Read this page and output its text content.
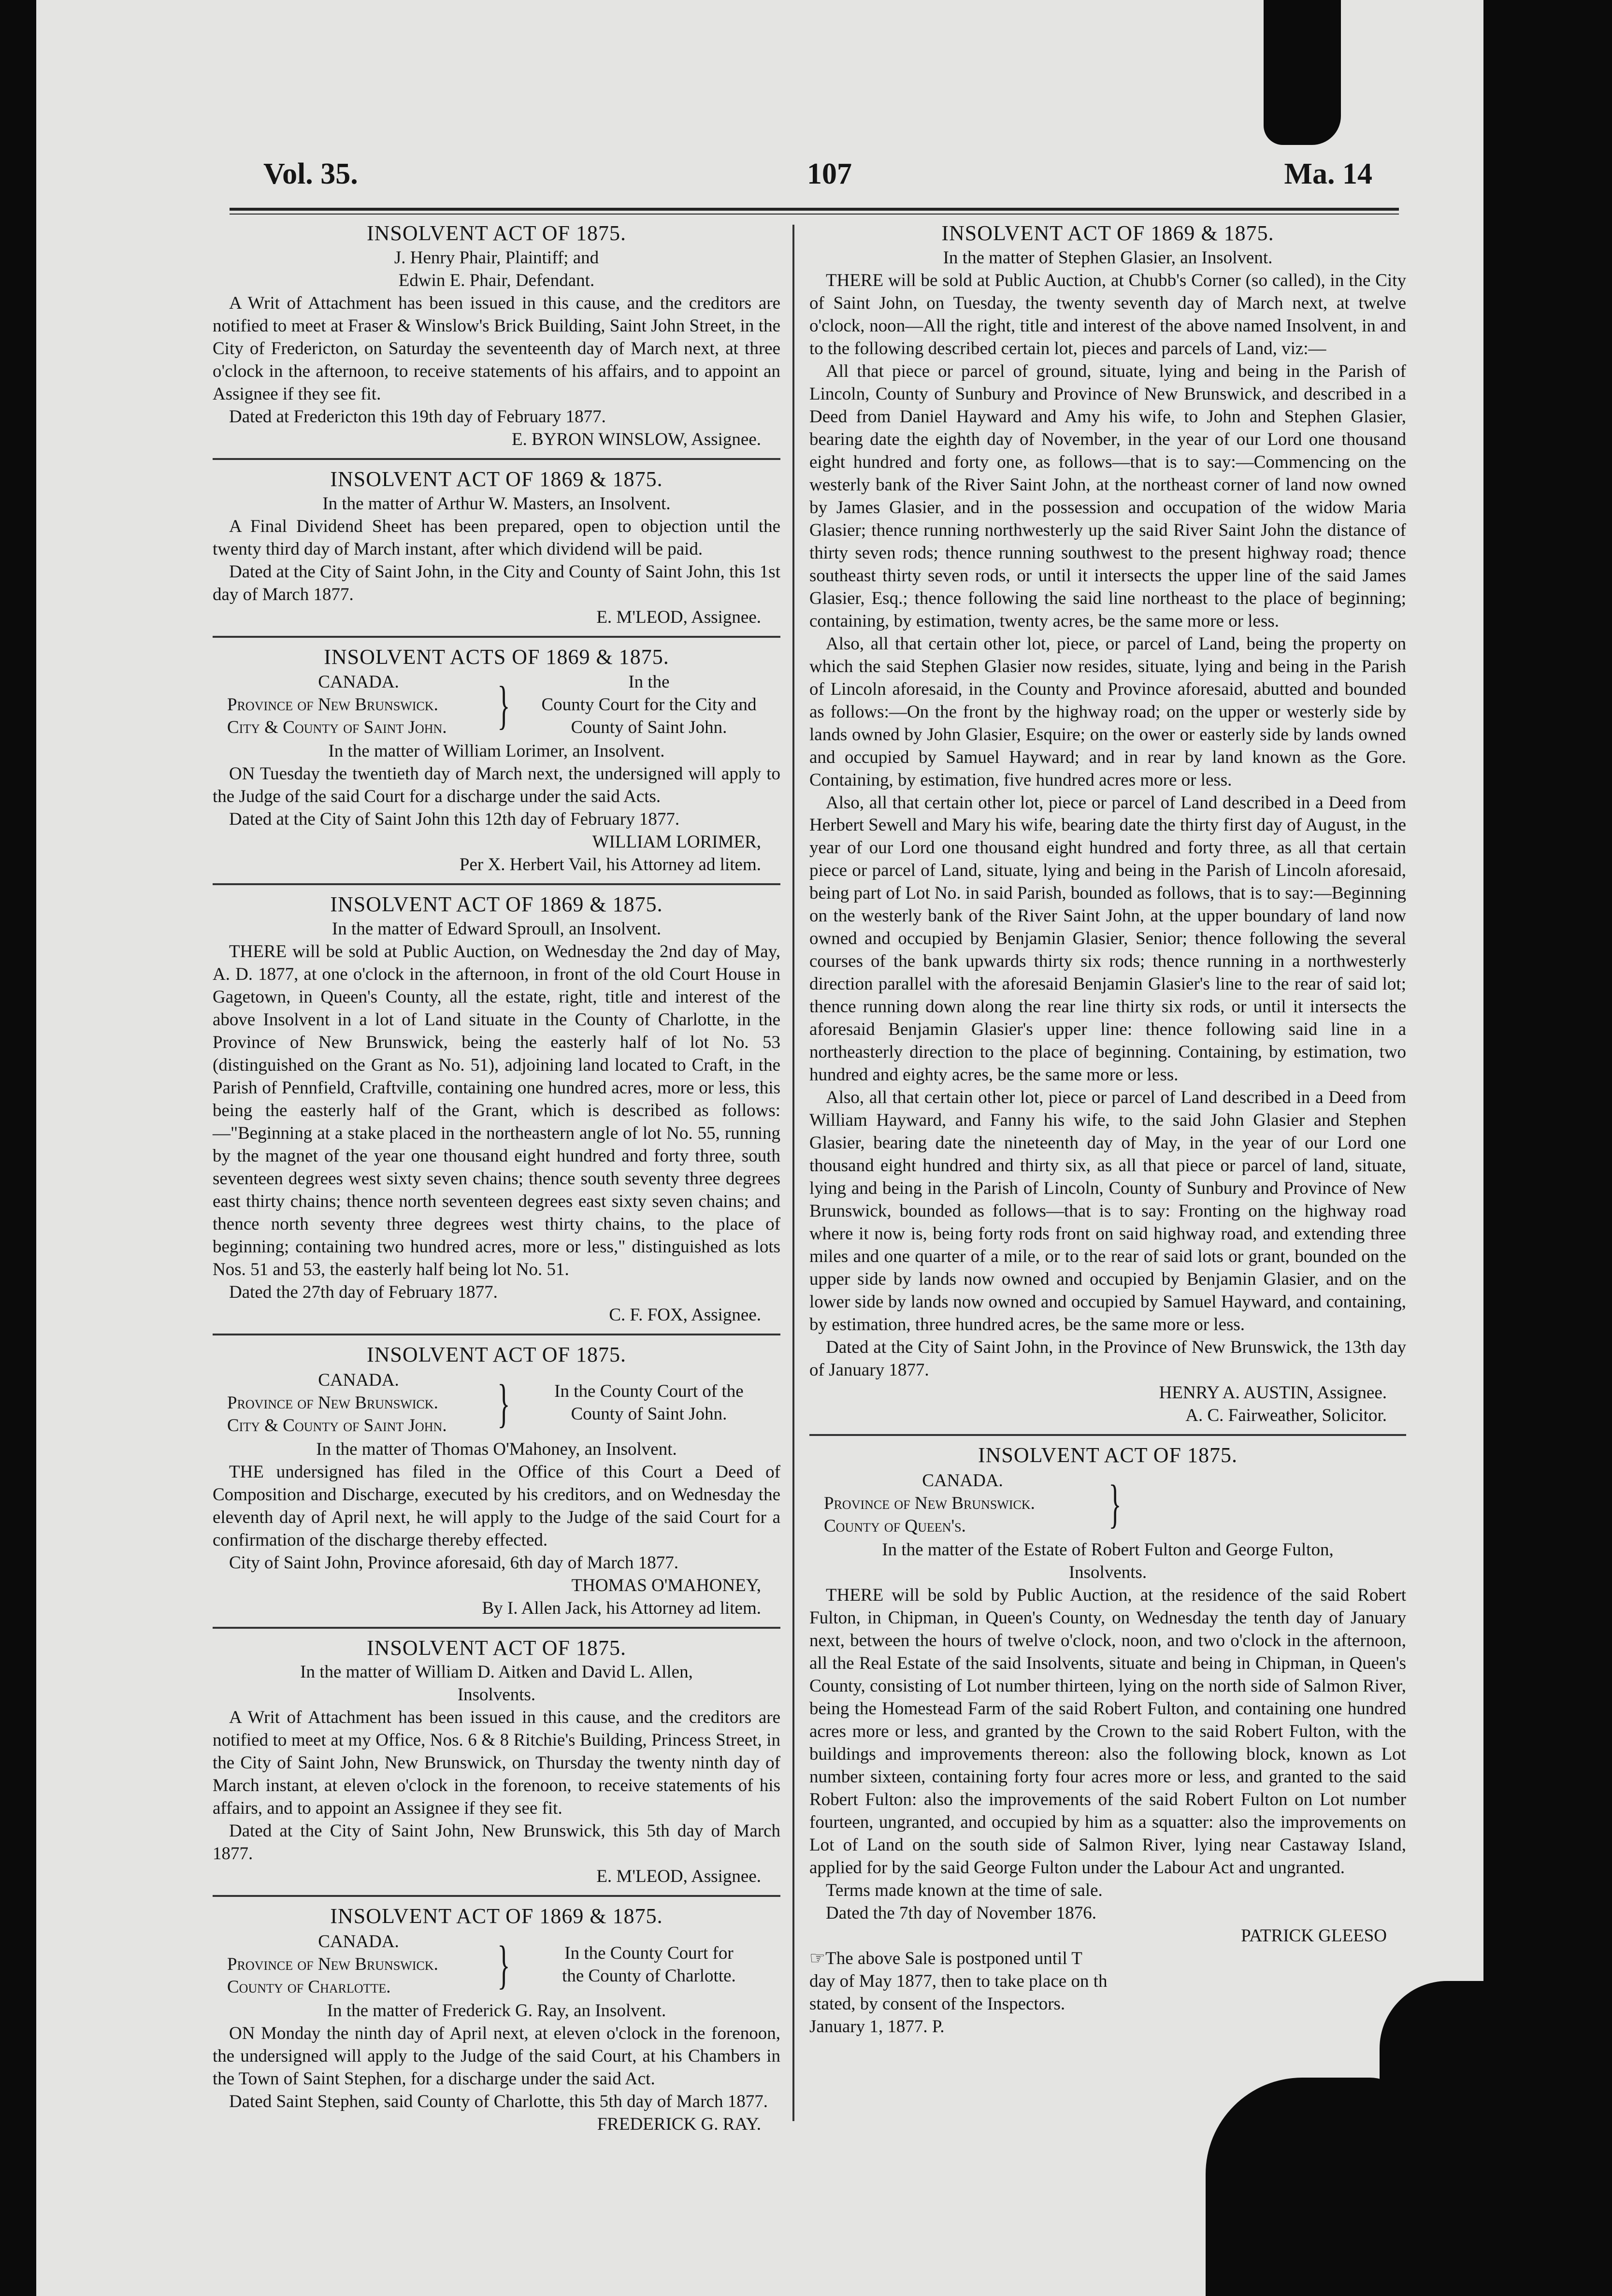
Vol. 35.	107	Ma. 14
INSOLVENT ACT OF 1875.
J. Henry Phair, Plaintiff; and
Edwin E. Phair, Defendant.

A Writ of Attachment has been issued in this cause, and the creditors are notified to meet at Fraser & Winslow's Brick Building, Saint John Street, in the City of Fredericton, on Saturday the seventeenth day of March next, at three o'clock in the afternoon, to receive statements of his affairs, and to appoint an Assignee if they see fit.

Dated at Fredericton this 19th day of February 1877.

E. BYRON WINSLOW, Assignee.
INSOLVENT ACT OF 1869 & 1875.
In the matter of Arthur W. Masters, an Insolvent.

A Final Dividend Sheet has been prepared, open to objection until the twenty third day of March instant, after which dividend will be paid.

Dated at the City of Saint John, in the City and County of Saint John, this 1st day of March 1877.

E. M'LEOD, Assignee.
INSOLVENT ACTS OF 1869 & 1875.
CANADA.
Province of New Brunswick.
City & County of Saint John. }	In the
County Court for the City and
County of Saint John.
In the matter of William Lorimer, an Insolvent.

ON Tuesday the twentieth day of March next, the undersigned will apply to the Judge of the said Court for a discharge under the said Acts.

Dated at the City of Saint John this 12th day of February 1877.

WILLIAM LORIMER,
Per X. Herbert Vail, his Attorney ad litem.
INSOLVENT ACT OF 1869 & 1875.
In the matter of Edward Sproull, an Insolvent.

THERE will be sold at Public Auction, on Wednesday the 2nd day of May, A. D. 1877, at one o'clock in the afternoon, in front of the old Court House in Gagetown, in Queen's County, all the estate, right, title and interest of the above Insolvent in a lot of Land situate in the County of Charlotte, in the Province of New Brunswick, being the easterly half of lot No. 53 (distinguished on the Grant as No. 51), adjoining land located to Craft, in the Parish of Pennfield, Craftville, containing one hundred acres, more or less, this being the easterly half of the Grant, which is described as follows:—"Beginning at a stake placed in the northeastern angle of lot No. 55, running by the magnet of the year one thousand eight hundred and forty three, south seventeen degrees west sixty seven chains; thence south seventy three degrees east thirty chains; thence north seventeen degrees east sixty seven chains; and thence north seventy three degrees west thirty chains, to the place of beginning; containing two hundred acres, more or less," distinguished as lots Nos. 51 and 53, the easterly half being lot No. 51.

Dated the 27th day of February 1877.

C. F. FOX, Assignee.
INSOLVENT ACT OF 1875.
CANADA.
Province of New Brunswick.
City & County of Saint John. }	In the County Court of the
County of Saint John.
In the matter of Thomas O'Mahoney, an Insolvent.

THE undersigned has filed in the Office of this Court a Deed of Composition and Discharge, executed by his creditors, and on Wednesday the eleventh day of April next, he will apply to the Judge of the said Court for a confirmation of the discharge thereby effected.

City of Saint John, Province aforesaid, 6th day of March 1877.

THOMAS O'MAHONEY,
By I. Allen Jack, his Attorney ad litem.
INSOLVENT ACT OF 1875.
In the matter of William D. Aitken and David L. Allen,
Insolvents.

A Writ of Attachment has been issued in this cause, and the creditors are notified to meet at my Office, Nos. 6 & 8 Ritchie's Building, Princess Street, in the City of Saint John, New Brunswick, on Thursday the twenty ninth day of March instant, at eleven o'clock in the forenoon, to receive statements of his affairs, and to appoint an Assignee if they see fit.

Dated at the City of Saint John, New Brunswick, this 5th day of March 1877.

E. M'LEOD, Assignee.
INSOLVENT ACT OF 1869 & 1875.
CANADA.
Province of New Brunswick.
County of Charlotte.	}	In the County Court for
the County of Charlotte.
In the matter of Frederick G. Ray, an Insolvent.

ON Monday the ninth day of April next, at eleven o'clock in the forenoon, the undersigned will apply to the Judge of the said Court, at his Chambers in the Town of Saint Stephen, for a discharge under the said Act.

Dated Saint Stephen, said County of Charlotte, this 5th day of March 1877.

FREDERICK G. RAY.
INSOLVENT ACT OF 1869 & 1875.
In the matter of Stephen Glasier, an Insolvent.

THERE will be sold at Public Auction, at Chubb's Corner (so called), in the City of Saint John, on Tuesday, the twenty seventh day of March next, at twelve o'clock, noon—All the right, title and interest of the above named Insolvent, in and to the following described certain lot, pieces and parcels of Land, viz:—

All that piece or parcel of ground, situate, lying and being in the Parish of Lincoln, County of Sunbury and Province of New Brunswick, and described in a Deed from Daniel Hayward and Amy his wife, to John and Stephen Glasier, bearing date the eighth day of November, in the year of our Lord one thousand eight hundred and forty one, as follows—that is to say:—Commencing on the westerly bank of the River Saint John, at the northeast corner of land now owned by James Glasier, and in the possession and occupation of the widow Maria Glasier; thence running northwesterly up the said River Saint John the distance of thirty seven rods; thence running southwest to the present highway road; thence southeast thirty seven rods, or until it intersects the upper line of the said James Glasier, Esq.; thence following the said line northeast to the place of beginning; containing, by estimation, twenty acres, be the same more or less.

Also, all that certain other lot, piece, or parcel of Land, being the property on which the said Stephen Glasier now resides, situate, lying and being in the Parish of Lincoln aforesaid, in the County and Province aforesaid, abutted and bounded as follows:—On the front by the highway road; on the upper or westerly side by lands owned by John Glasier, Esquire; on the ower or easterly side by lands owned and occupied by Samuel Hayward; and in rear by land known as the Gore. Containing, by estimation, five hundred acres more or less.

Also, all that certain other lot, piece or parcel of Land described in a Deed from Herbert Sewell and Mary his wife, bearing date the thirty first day of August, in the year of our Lord one thousand eight hundred and forty three, as all that certain piece or parcel of Land, situate, lying and being in the Parish of Lincoln aforesaid, being part of Lot No. in said Parish, bounded as follows, that is to say:—Beginning on the westerly bank of the River Saint John, at the upper boundary of land now owned and occupied by Benjamin Glasier, Senior; thence following the several courses of the bank upwards thirty six rods; thence running in a northwesterly direction parallel with the aforesaid Benjamin Glasier's line to the rear of said lot; thence running down along the rear line thirty six rods, or until it intersects the aforesaid Benjamin Glasier's upper line: thence following said line in a northeasterly direction to the place of beginning. Containing, by estimation, two hundred and eighty acres, be the same more or less.

Also, all that certain other lot, piece or parcel of Land described in a Deed from William Hayward, and Fanny his wife, to the said John Glasier and Stephen Glasier, bearing date the nineteenth day of May, in the year of our Lord one thousand eight hundred and thirty six, as all that piece or parcel of land, situate, lying and being in the Parish of Lincoln, County of Sunbury and Province of New Brunswick, bounded as follows—that is to say: Fronting on the highway road where it now is, being forty rods front on said highway road, and extending three miles and one quarter of a mile, or to the rear of said lots or grant, bounded on the upper side by lands now owned and occupied by Benjamin Glasier, and on the lower side by lands now owned and occupied by Samuel Hayward, and containing, by estimation, three hundred acres, be the same more or less.

Dated at the City of Saint John, in the Province of New Brunswick, the 13th day of January 1877.

HENRY A. AUSTIN, Assignee.
A. C. Fairweather, Solicitor.
INSOLVENT ACT OF 1875.
CANADA.
Province of New Brunswick.
County of Queen's.	}
In the matter of the Estate of Robert Fulton and George Fulton,
Insolvents.

THERE will be sold by Public Auction, at the residence of the said Robert Fulton, in Chipman, in Queen's County, on Wednesday the tenth day of January next, between the hours of twelve o'clock, noon, and two o'clock in the afternoon, all the Real Estate of the said Insolvents, situate and being in Chipman, in Queen's County, consisting of Lot number thirteen, lying on the north side of Salmon River, being the Homestead Farm of the said Robert Fulton, and containing one hundred acres more or less, and granted by the Crown to the said Robert Fulton, with the buildings and improvements thereon: also the following block, known as Lot number sixteen, containing forty four acres more or less, and granted to the said Robert Fulton: also the improvements of the said Robert Fulton on Lot number fourteen, ungranted, and occupied by him as a squatter: also the improvements on Lot of Land on the south side of Salmon River, lying near Castaway Island, applied for by the said George Fulton under the Labour Act and ungranted.

Terms made known at the time of sale.

Dated the 7th day of November 1876.

PATRICK GLEESO
☞The above Sale is postponed until T
day of May 1877, then to take place on th
stated, by consent of the Inspectors.
January 1, 1877. P.
